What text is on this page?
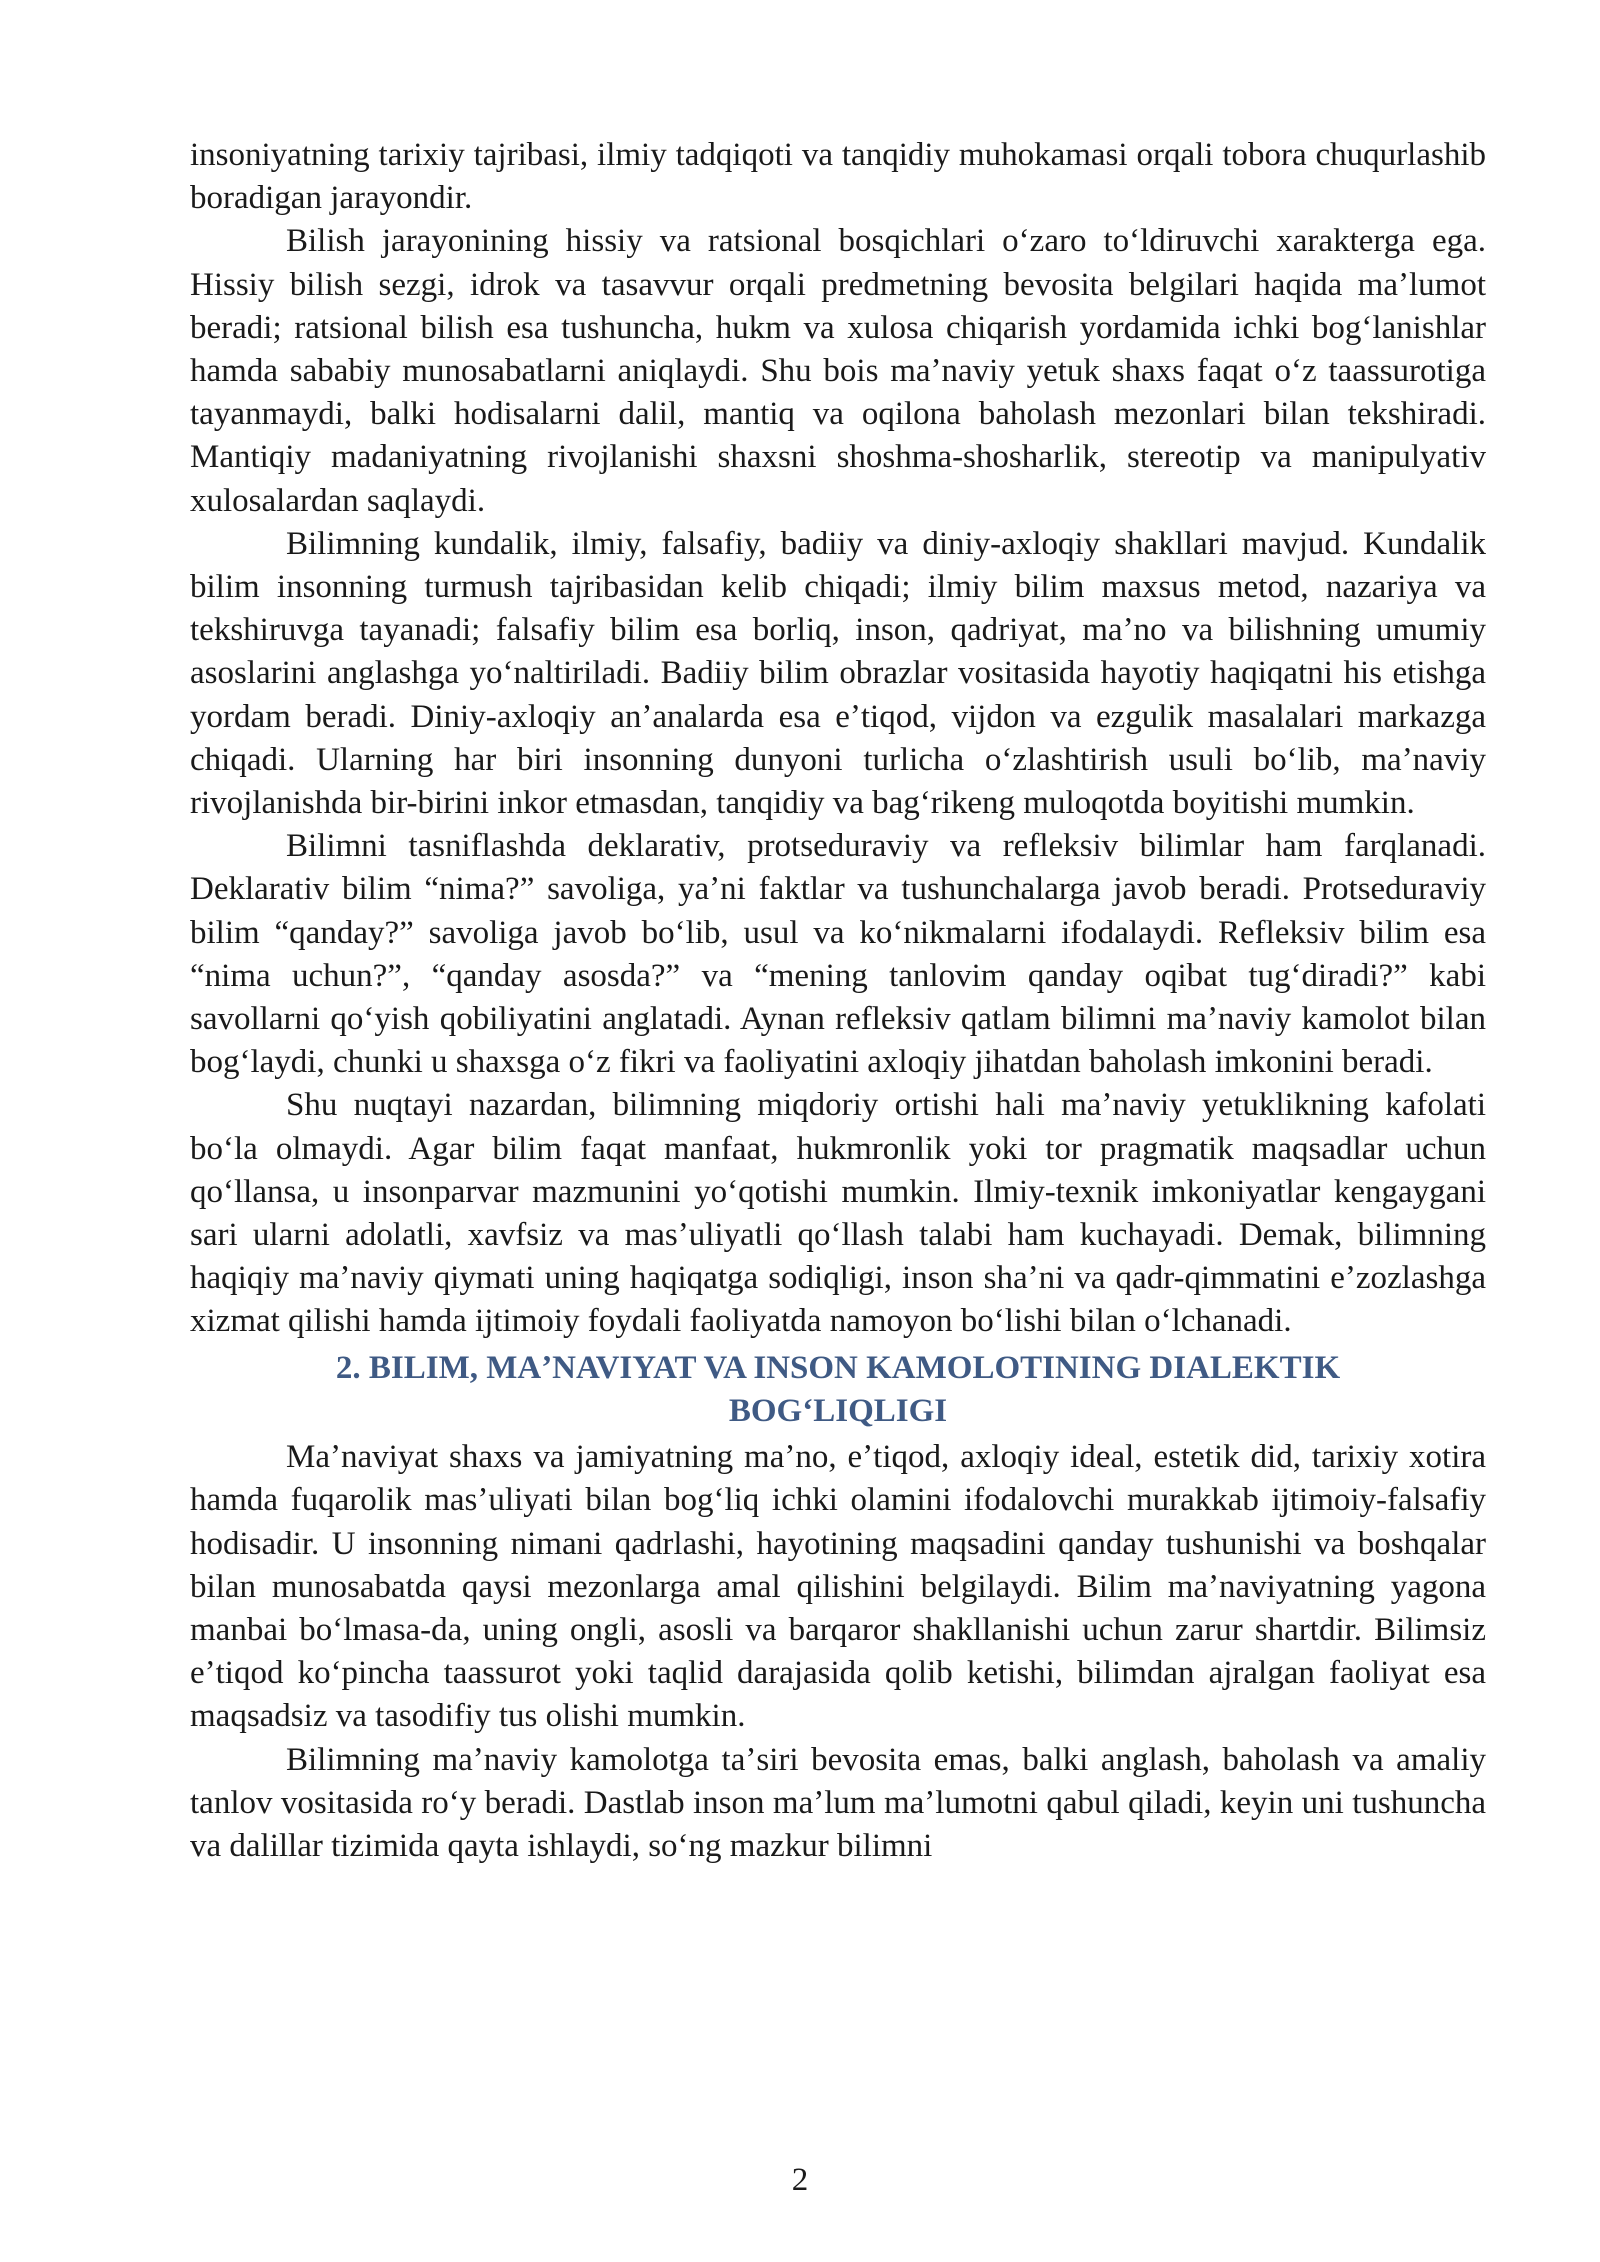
insoniyatning tarixiy tajribasi, ilmiy tadqiqoti va tanqidiy muhokamasi orqali tobora chuqurlashib boradigan jarayondir.

Bilish jarayonining hissiy va ratsional bosqichlari oʻzaro toʻldiruvchi xarakterga ega. Hissiy bilish sezgi, idrok va tasavvur orqali predmetning bevosita belgilari haqida maʼlumot beradi; ratsional bilish esa tushuncha, hukm va xulosa chiqarish yordamida ichki bogʻlanishlar hamda sababiy munosabatlarni aniqlaydi. Shu bois maʼnaviy yetuk shaxs faqat oʻz taassurotiga tayanmaydi, balki hodisalarni dalil, mantiq va oqilona baholash mezonlari bilan tekshiradi. Mantiqiy madaniyatning rivojlanishi shaxsni shoshma-shosharlik, stereotip va manipulyativ xulosalardan saqlaydi.

Bilimning kundalik, ilmiy, falsafiy, badiiy va diniy-axloqiy shakllari mavjud. Kundalik bilim insonning turmush tajribasidan kelib chiqadi; ilmiy bilim maxsus metod, nazariya va tekshiruvga tayanadi; falsafiy bilim esa borliq, inson, qadriyat, maʼno va bilishning umumiy asoslarini anglashga yoʻnaltiriladi. Badiiy bilim obrazlar vositasida hayotiy haqiqatni his etishga yordam beradi. Diniy-axloqiy anʼanalarda esa eʼtiqod, vijdon va ezgulik masalalari markazga chiqadi. Ularning har biri insonning dunyoni turlicha oʻzlashtirish usuli boʻlib, maʼnaviy rivojlanishda bir-birini inkor etmasdan, tanqidiy va bagʻrikeng muloqotda boyitishi mumkin.

Bilimni tasniflashda deklarativ, protseduraviy va refleksiv bilimlar ham farqlanadi. Deklarativ bilim “nima?” savoliga, yaʼni faktlar va tushunchalarga javob beradi. Protseduraviy bilim “qanday?” savoliga javob boʻlib, usul va koʻnikmalarni ifodalaydi. Refleksiv bilim esa “nima uchun?”, “qanday asosda?” va “mening tanlovim qanday oqibat tugʻdiradi?” kabi savollarni qoʻyish qobiliyatini anglatadi. Aynan refleksiv qatlam bilimni maʼnaviy kamolot bilan bogʻlaydi, chunki u shaxsga oʻz fikri va faoliyatini axloqiy jihatdan baholash imkonini beradi.

Shu nuqtayi nazardan, bilimning miqdoriy ortishi hali maʼnaviy yetuklikning kafolati boʻla olmaydi. Agar bilim faqat manfaat, hukmronlik yoki tor pragmatik maqsadlar uchun qoʻllansa, u insonparvar mazmunini yoʻqotishi mumkin. Ilmiy-texnik imkoniyatlar kengaygani sari ularni adolatli, xavfsiz va masʼuliyatli qoʻllash talabi ham kuchayadi. Demak, bilimning haqiqiy maʼnaviy qiymati uning haqiqatga sodiqligi, inson shaʼni va qadr-qimmatini eʼzozlashga xizmat qilishi hamda ijtimoiy foydali faoliyatda namoyon boʻlishi bilan oʻlchanadi.

2. BILIM, MAʼNAVIYAT VA INSON KAMOLOTINING DIALEKTIK
BOGʻLIQLIGI

Maʼnaviyat shaxs va jamiyatning maʼno, eʼtiqod, axloqiy ideal, estetik did, tarixiy xotira hamda fuqarolik masʼuliyati bilan bogʻliq ichki olamini ifodalovchi murakkab ijtimoiy-falsafiy hodisadir. U insonning nimani qadrlashi, hayotining maqsadini qanday tushunishi va boshqalar bilan munosabatda qaysi mezonlarga amal qilishini belgilaydi. Bilim maʼnaviyatning yagona manbai boʻlmasa-da, uning ongli, asosli va barqaror shakllanishi uchun zarur shartdir. Bilimsiz eʼtiqod koʻpincha taassurot yoki taqlid darajasida qolib ketishi, bilimdan ajralgan faoliyat esa maqsadsiz va tasodifiy tus olishi mumkin.

Bilimning maʼnaviy kamolotga taʼsiri bevosita emas, balki anglash, baholash va amaliy tanlov vositasida roʻy beradi. Dastlab inson maʼlum maʼlumotni qabul qiladi, keyin uni tushuncha va dalillar tizimida qayta ishlaydi, soʻng mazkur bilimni

2
